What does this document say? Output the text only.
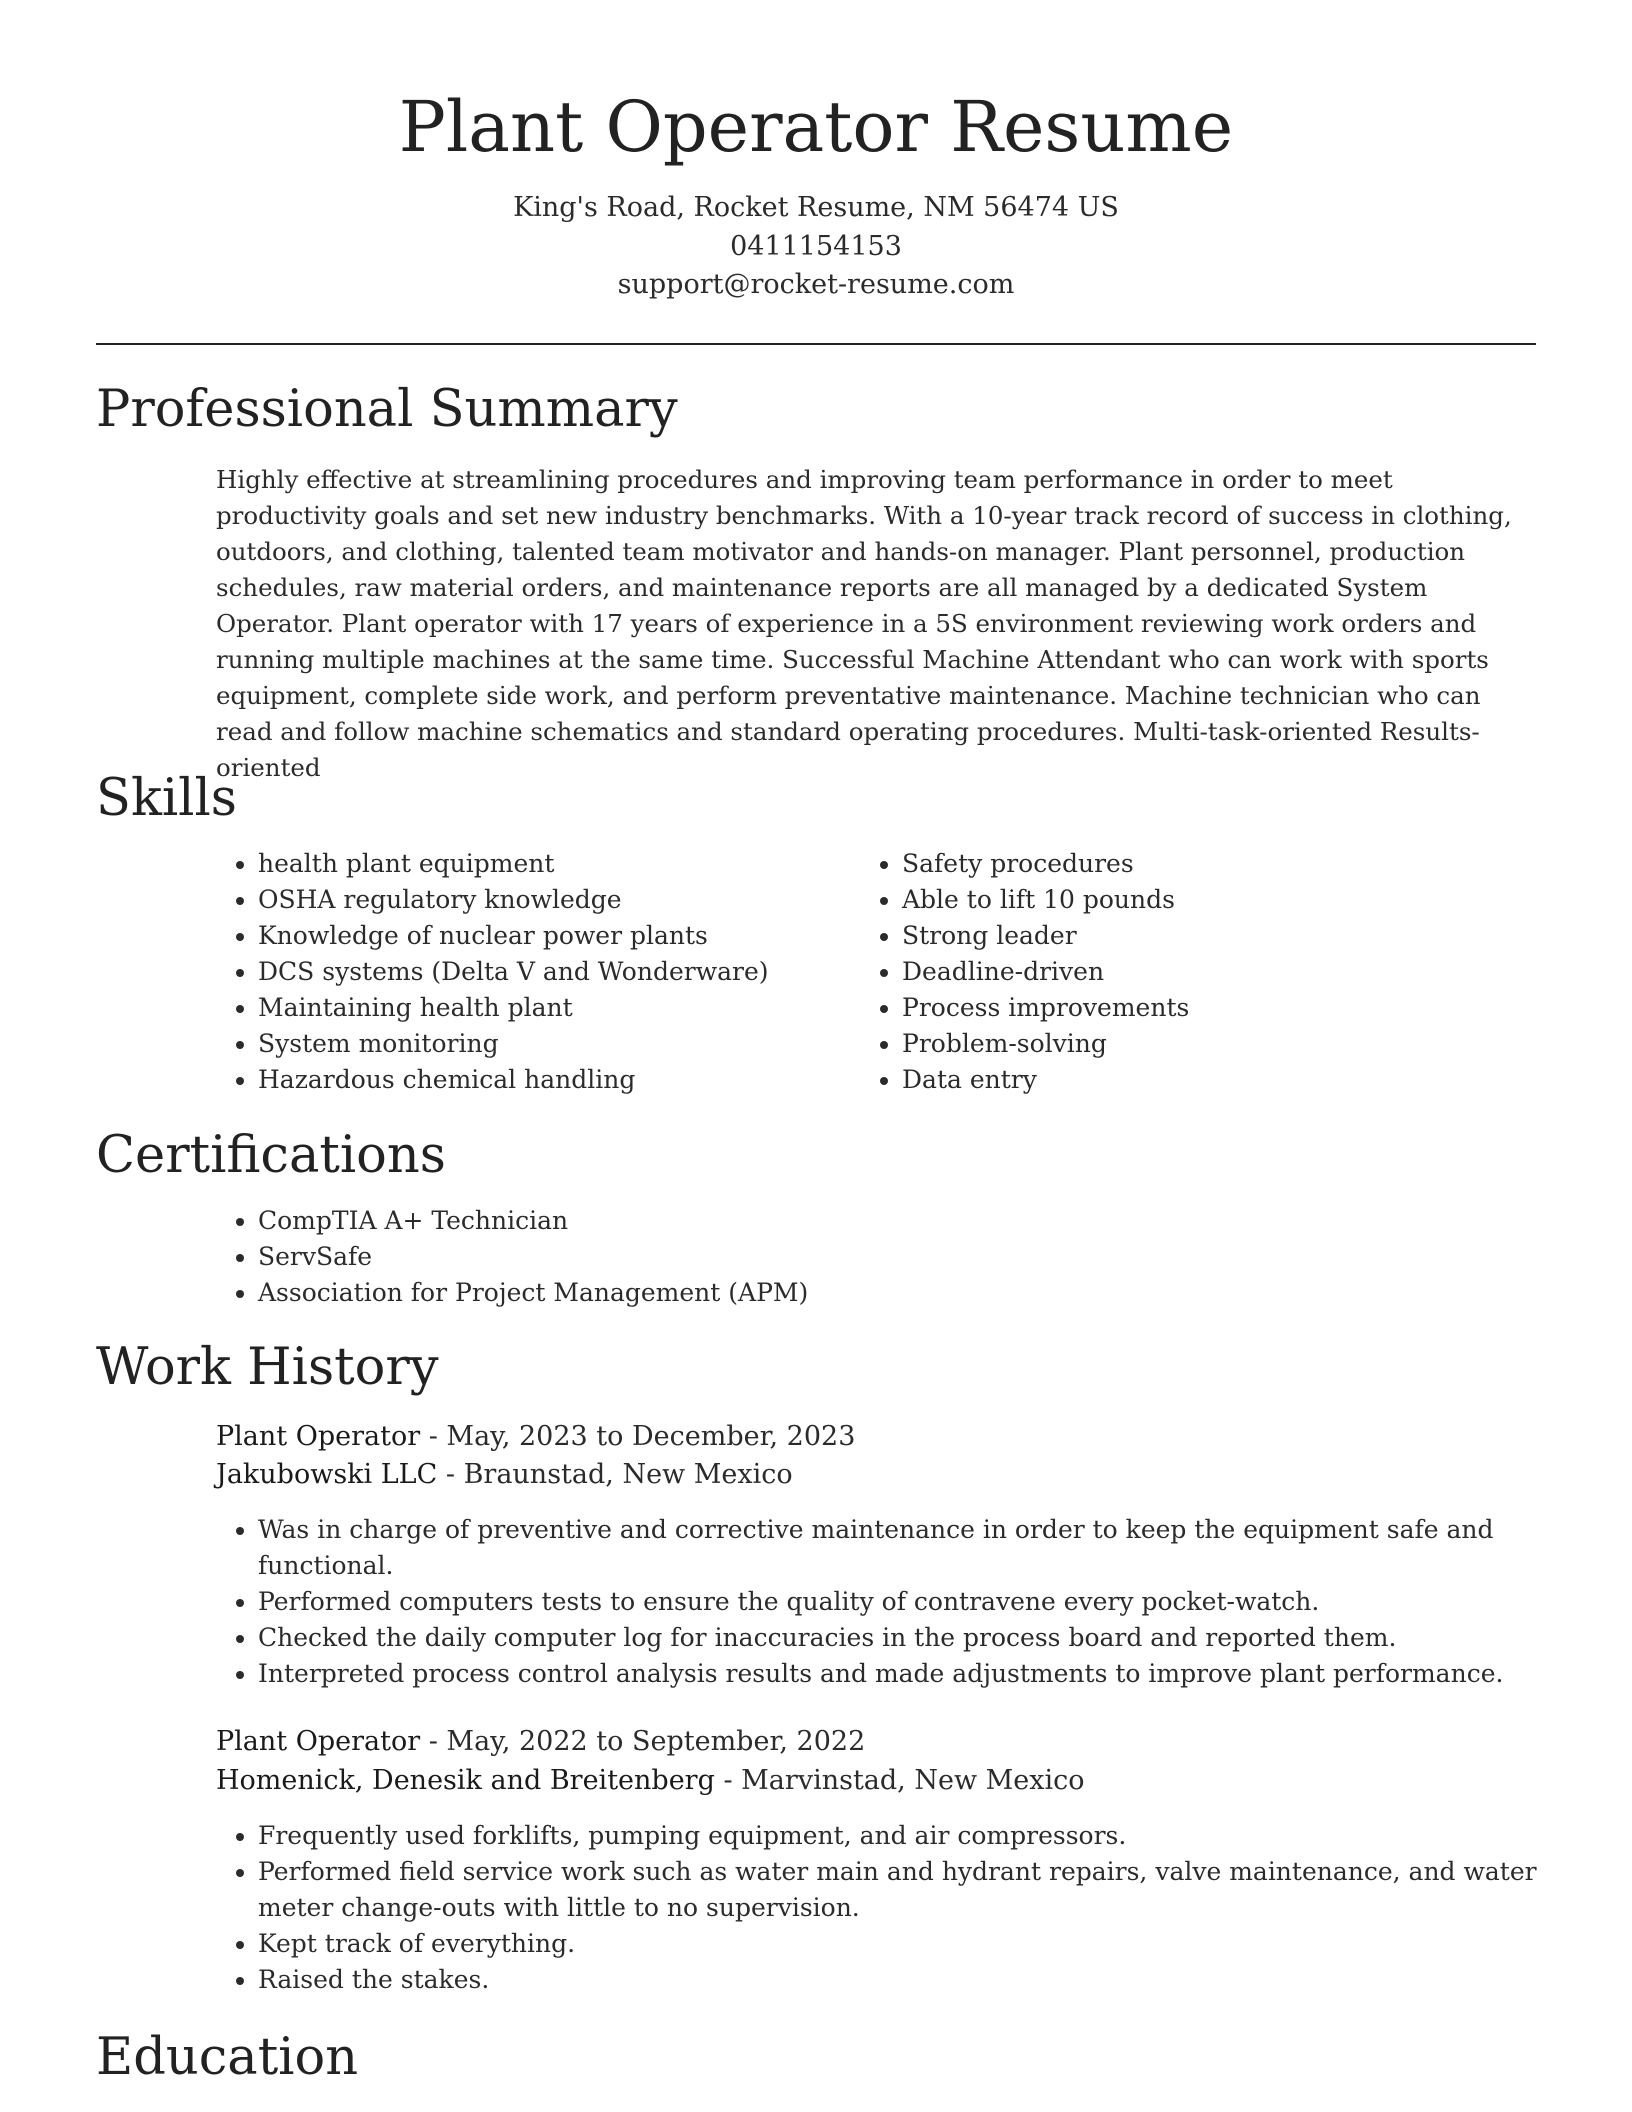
Plant Operator Resume
King's Road, Rocket Resume, NM 56474 US
0411154153
support@rocket-resume.com
Professional Summary

Highly effective at streamlining procedures and improving team performance in order to meet productivity goals and set new industry benchmarks. With a 10-year track record of success in clothing, outdoors, and clothing, talented team motivator and hands-on manager. Plant personnel, production schedules, raw material orders, and maintenance reports are all managed by a dedicated System Operator. Plant operator with 17 years of experience in a 5S environment reviewing work orders and running multiple machines at the same time. Successful Machine Attendant who can work with sports equipment, complete side work, and perform preventative maintenance. Machine technician who can read and follow machine schematics and standard operating procedures. Multi-task-oriented Results-oriented

Skills
• health plant equipment
• OSHA regulatory knowledge
• Knowledge of nuclear power plants
• DCS systems (Delta V and Wonderware)
• Maintaining health plant
• System monitoring
• Hazardous chemical handling
• Safety procedures
• Able to lift 10 pounds
• Strong leader
• Deadline-driven
• Process improvements
• Problem-solving
• Data entry
Certifications
• CompTIA A+ Technician
• ServSafe
• Association for Project Management (APM)
Work History
Plant Operator - May, 2023 to December, 2023
Jakubowski LLC - Braunstad, New Mexico
• Was in charge of preventive and corrective maintenance in order to keep the equipment safe and functional.
• Performed computers tests to ensure the quality of contravene every pocket-watch.
• Checked the daily computer log for inaccuracies in the process board and reported them.
• Interpreted process control analysis results and made adjustments to improve plant performance.
Plant Operator - May, 2022 to September, 2022
Homenick, Denesik and Breitenberg - Marvinstad, New Mexico
• Frequently used forklifts, pumping equipment, and air compressors.
• Performed field service work such as water main and hydrant repairs, valve maintenance, and water meter change-outs with little to no supervision.
• Kept track of everything.
• Raised the stakes.
Education
